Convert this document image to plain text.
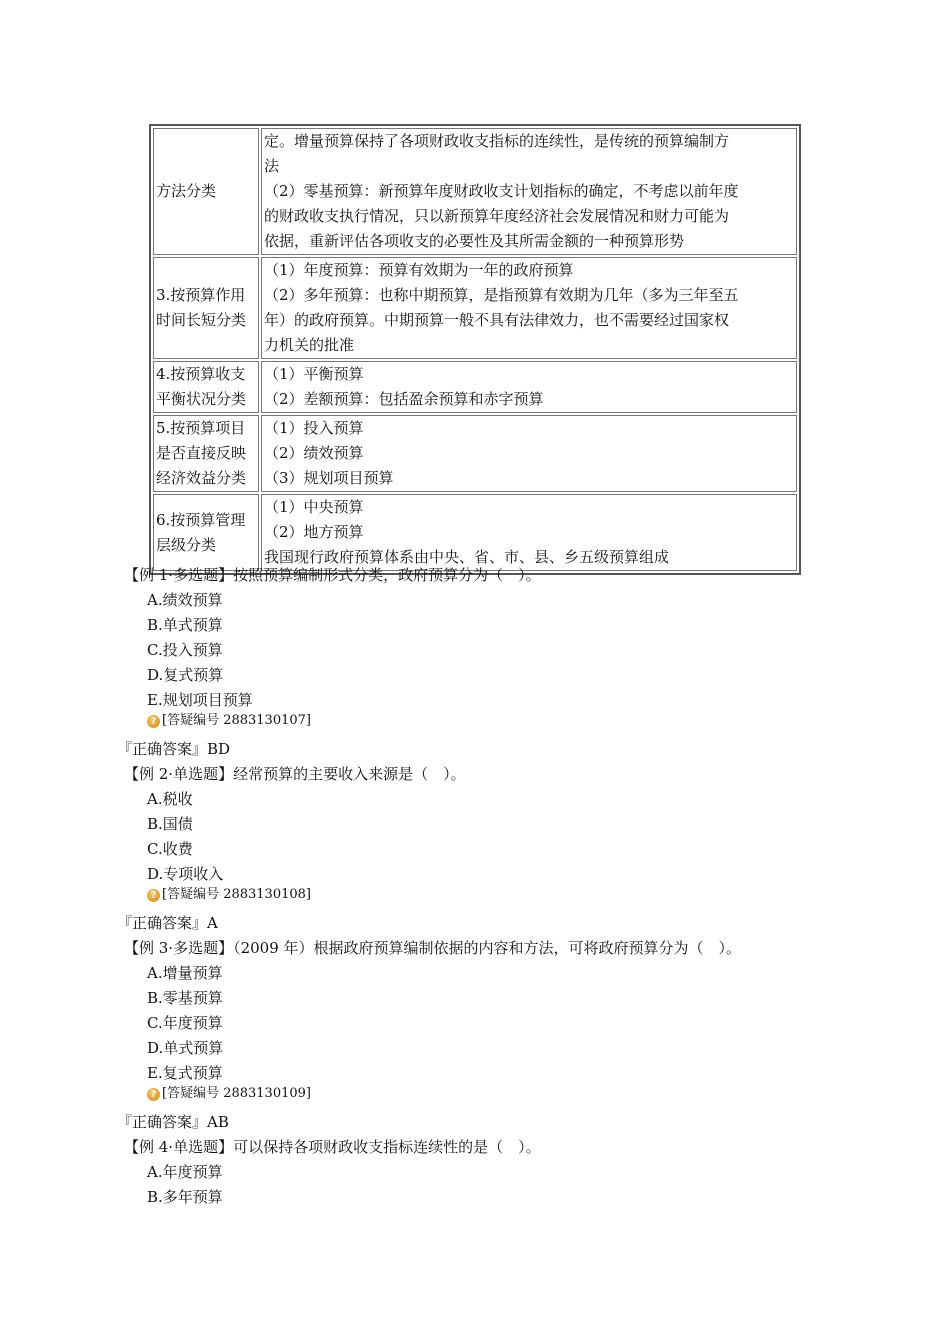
方法分类	定。增量预算保持了各项财政收支指标的连续性，是传统的预算编制方
法
（2）零基预算：新预算年度财政收支计划指标的确定，不考虑以前年度
的财政收支执行情况，只以新预算年度经济社会发展情况和财力可能为
依据，重新评估各项收支的必要性及其所需金额的一种预算形势

3.按预算作用
时间长短分类	（1）年度预算：预算有效期为一年的政府预算
（2）多年预算：也称中期预算，是指预算有效期为几年（多为三年至五
年）的政府预算。中期预算一般不具有法律效力，也不需要经过国家权
力机关的批准

4.按预算收支
平衡状况分类	（1）平衡预算
（2）差额预算：包括盈余预算和赤字预算

5.按预算项目
是否直接反映
经济效益分类	（1）投入预算
（2）绩效预算
（3）规划项目预算

6.按预算管理
层级分类	（1）中央预算
（2）地方预算
我国现行政府预算体系由中央、省、市、县、乡五级预算组成
【例 1·多选题】按照预算编制形式分类，政府预算分为（　）。
A.绩效预算
B.单式预算
C.投入预算
D.复式预算
E.规划项目预算
? [答疑编号 2883130107]
『正确答案』BD
【例 2·单选题】经常预算的主要收入来源是（　）。
A.税收
B.国债
C.收费
D.专项收入
? [答疑编号 2883130108]
『正确答案』A
【例 3·多选题】（2009 年）根据政府预算编制依据的内容和方法，可将政府预算分为（　）。
A.增量预算
B.零基预算
C.年度预算
D.单式预算
E.复式预算
? [答疑编号 2883130109]
『正确答案』AB
【例 4·单选题】可以保持各项财政收支指标连续性的是（　）。
A.年度预算
B.多年预算
